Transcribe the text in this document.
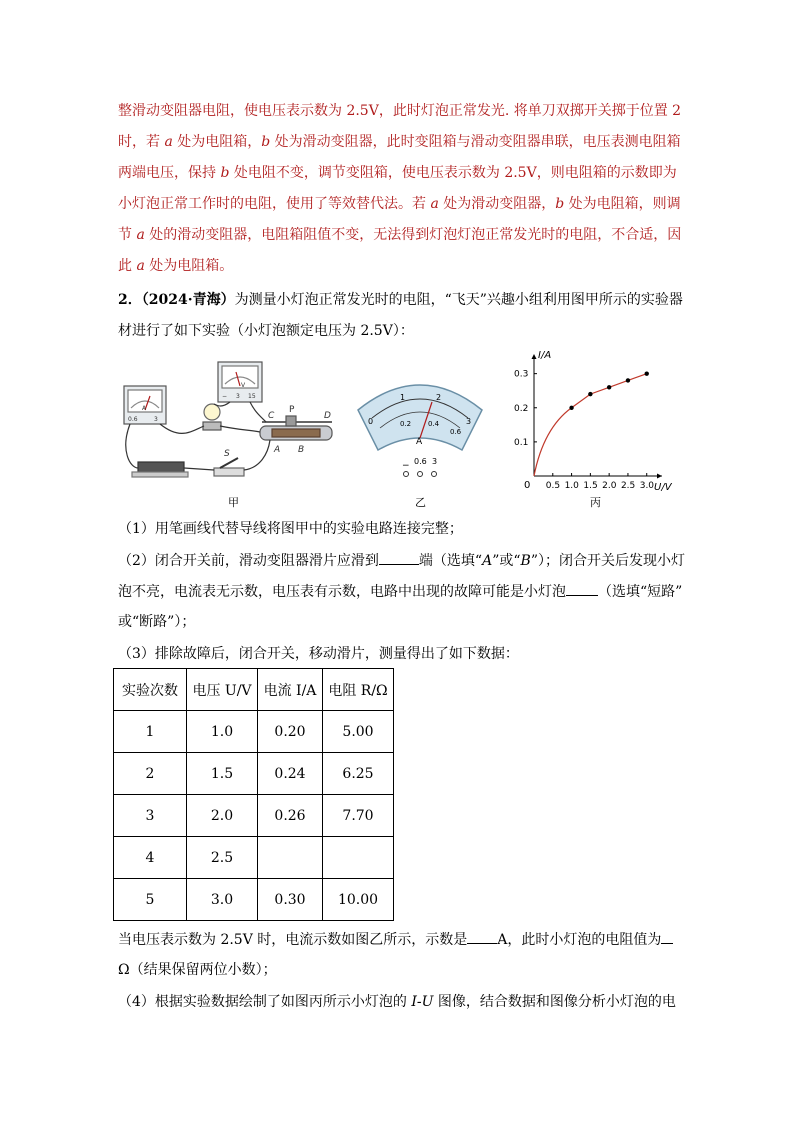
整滑动变阻器电阻，使电压表示数为 2.5V，此时灯泡正常发光. 将单刀双掷开关掷于位置 2
时，若 a 处为电阻箱，b 处为滑动变阻器，此时变阻箱与滑动变阻器串联，电压表测电阻箱
两端电压，保持 b 处电阻不变，调节变阻箱，使电压表示数为 2.5V，则电阻箱的示数即为
小灯泡正常工作时的电阻，使用了等效替代法。若 a 处为滑动变阻器，b 处为电阻箱，则调
节 a 处的滑动变阻器，电阻箱阻值不变，无法得到灯泡灯泡正常发光时的电阻，不合适，因
此 a 处为电阻箱。
2．（2024·青海）为测量小灯泡正常发光时的电阻，“飞天”兴趣小组利用图甲所示的实验器
材进行了如下实验（小灯泡额定电压为 2.5V）：
A
0.6	3
V
− 3 15
S
C
P
D
A B
甲
0
1	2
3
0.2 0.4
0.6
A
− 0.6 3
乙
I/A
U/V
0 0.5 1.0 1.5 2.0 2.5 3.0
0.1
0.2
0.3
丙
（1）用笔画线代替导线将图甲中的实验电路连接完整；
（2）闭合开关前，滑动变阻器滑片应滑到	端（选填“A”或“B”）；闭合开关后发现小灯
泡不亮，电流表无示数，电压表有示数，电路中出现的故障可能是小灯泡 （选填“短路”
或“断路”）；
（3）排除故障后，闭合开关，移动滑片，测量得出了如下数据：
实验次数	电压 U/V	电流 I/A	电阻 R/Ω
1	1.0	0.20	5.00
2	1.5	0.24	6.25
3	2.0	0.26	7.70
4	2.5		
5	3.0	0.30	10.00
当电压表示数为 2.5V 时，电流示数如图乙所示，示数是 A，此时小灯泡的电阻值为
Ω（结果保留两位小数）；
（4）根据实验数据绘制了如图丙所示小灯泡的 I-U 图像，结合数据和图像分析小灯泡的电
